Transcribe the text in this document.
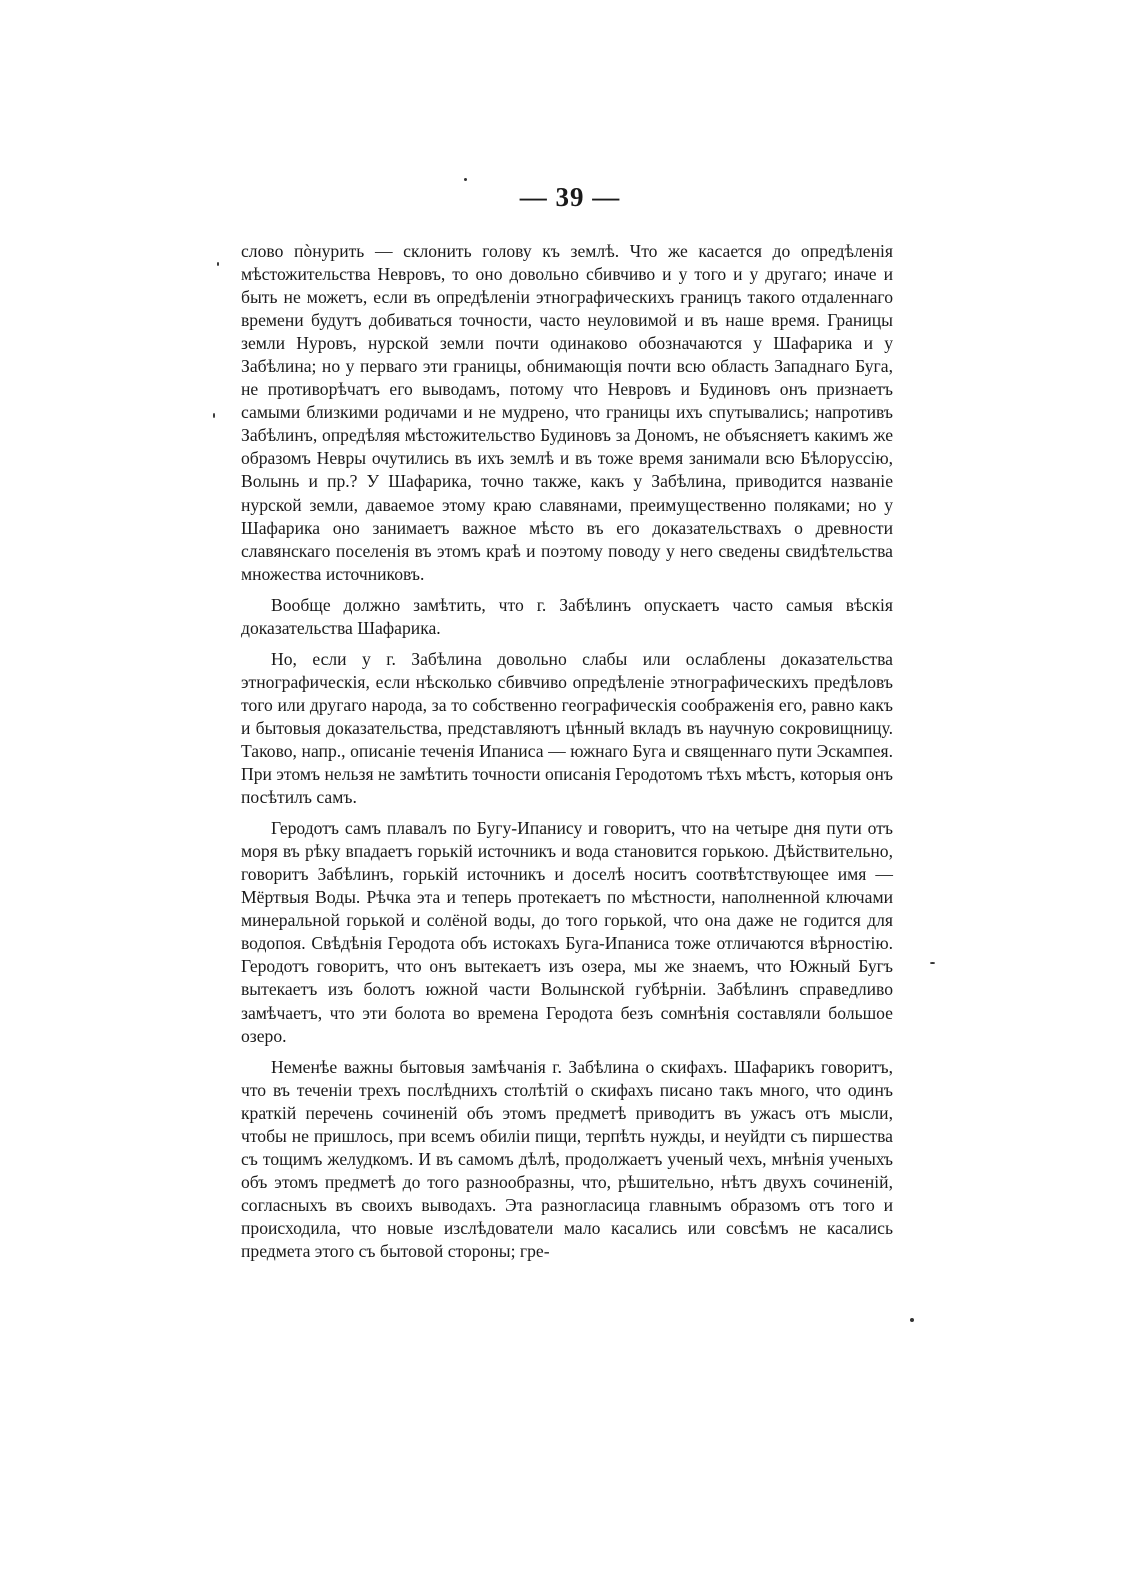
— 39 —

слово пòнурить — склонить голову къ землѣ. Что же касается до опредѣленія мѣстожительства Невровъ, то оно довольно сбивчиво и у того и у другаго; иначе и быть не можетъ, если въ опредѣленіи этнографическихъ границъ такого отдаленнаго времени будутъ добиваться точности, часто неуловимой и въ наше время. Границы земли Нуровъ, нурской земли почти одинаково обозначаются у Шафарика и у Забѣлина; но у перваго эти границы, обнимающія почти всю область Западнаго Буга, не противорѣчатъ его выводамъ, потому что Невровъ и Будиновъ онъ признаетъ самыми близкими родичами и не мудрено, что границы ихъ спутывались; напротивъ Забѣлинъ, опредѣляя мѣстожительство Будиновъ за Дономъ, не объясняетъ какимъ же образомъ Невры очутились въ ихъ землѣ и въ тоже время занимали всю Бѣлоруссію, Волынь и пр.? У Шафарика, точно также, какъ у Забѣлина, приводится названіе нурской земли, даваемое этому краю славянами, преимущественно поляками; но у Шафарика оно занимаетъ важное мѣсто въ его доказательствахъ о древности славянскаго поселенія въ этомъ краѣ и поэтому поводу у него сведены свидѣтельства множества источниковъ.

Вообще должно замѣтить, что г. Забѣлинъ опускаетъ часто самыя вѣскія доказательства Шафарика.

Но, если у г. Забѣлина довольно слабы или ослаблены доказательства этнографическія, если нѣсколько сбивчиво опредѣленіе этнографическихъ предѣловъ того или другаго народа, за то собственно географическія соображенія его, равно какъ и бытовыя доказательства, представляютъ цѣнный вкладъ въ научную сокровищницу. Таково, напр., описаніе теченія Ипаниса — южнаго Буга и священнаго пути Эскампея. При этомъ нельзя не замѣтить точности описанія Геродотомъ тѣхъ мѣстъ, которыя онъ посѣтилъ самъ.

Геродотъ самъ плавалъ по Бугу-Ипанису и говоритъ, что на четыре дня пути отъ моря въ рѣку впадаетъ горькій источникъ и вода становится горькою. Дѣйствительно, говоритъ Забѣлинъ, горькій источникъ и доселѣ носитъ соотвѣтствующее имя — Мёртвыя Воды. Рѣчка эта и теперь протекаетъ по мѣстности, наполненной ключами минеральной горькой и солёной воды, до того горькой, что она даже не годится для водопоя. Свѣдѣнія Геродота объ истокахъ Буга-Ипаниса тоже отличаются вѣрностію. Геродотъ говоритъ, что онъ вытекаетъ изъ озера, мы же знаемъ, что Южный Бугъ вытекаетъ изъ болотъ южной части Волынской губѣрніи. Забѣлинъ справедливо замѣчаетъ, что эти болота во времена Геродота безъ сомнѣнія составляли большое озеро.

Неменѣе важны бытовыя замѣчанія г. Забѣлина о скифахъ. Шафарикъ говоритъ, что въ теченіи трехъ послѣднихъ столѣтій о скифахъ писано такъ много, что одинъ краткій перечень сочиненій объ этомъ предметѣ приводитъ въ ужасъ отъ мысли, чтобы не пришлось, при всемъ обиліи пищи, терпѣть нужды, и неуйдти съ пиршества съ тощимъ желудкомъ. И въ самомъ дѣлѣ, продолжаетъ ученый чехъ, мнѣнія ученыхъ объ этомъ предметѣ до того разнообразны, что, рѣшительно, нѣтъ двухъ сочиненій, согласныхъ въ своихъ выводахъ. Эта разногласица главнымъ образомъ отъ того и происходила, что новые изслѣдователи мало касались или совсѣмъ не касались предмета этого съ бытовой стороны; гре-
